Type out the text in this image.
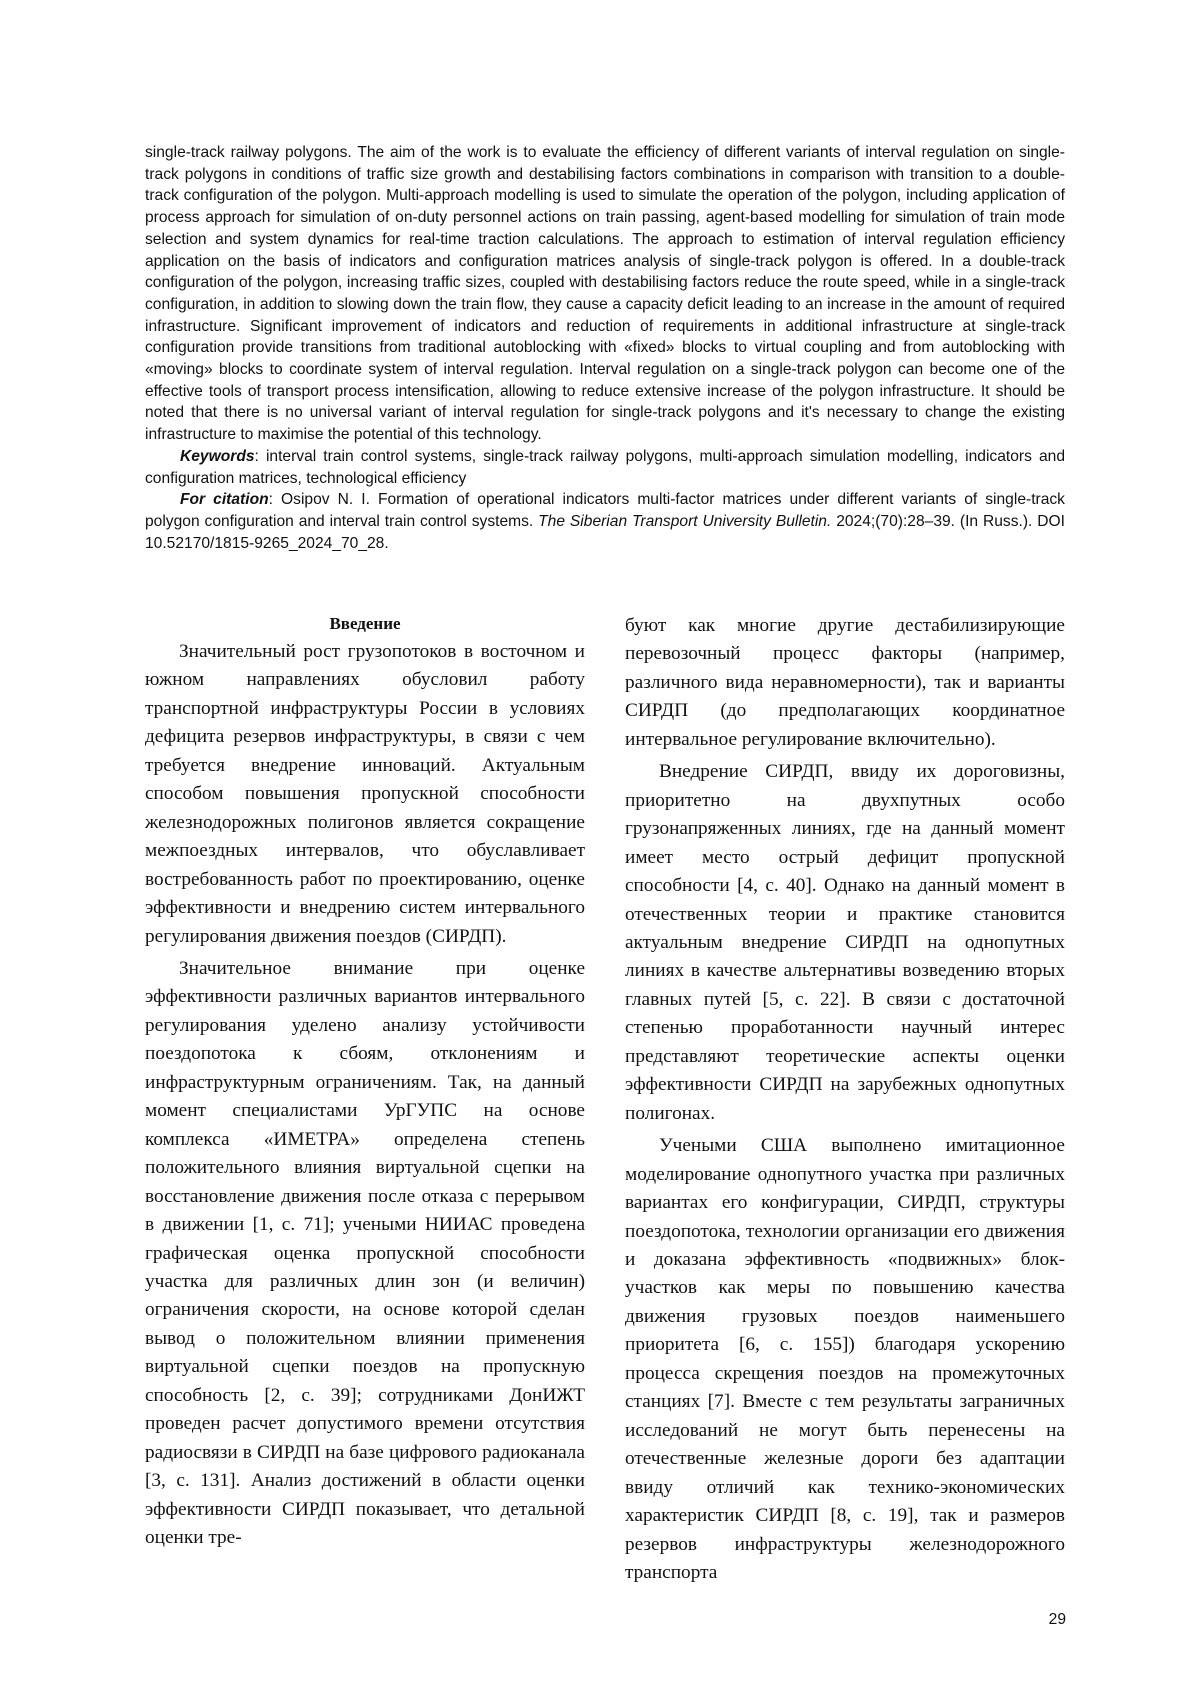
single-track railway polygons. The aim of the work is to evaluate the efficiency of different variants of interval regulation on single-track polygons in conditions of traffic size growth and destabilising factors combinations in comparison with transition to a double-track configuration of the polygon. Multi-approach modelling is used to simulate the operation of the polygon, including application of process approach for simulation of on-duty personnel actions on train passing, agent-based modelling for simulation of train mode selection and system dynamics for real-time traction calculations. The approach to estimation of interval regulation efficiency application on the basis of indicators and configuration matrices analysis of single-track polygon is offered. In a double-track configuration of the polygon, increasing traffic sizes, coupled with destabilising factors reduce the route speed, while in a single-track configuration, in addition to slowing down the train flow, they cause a capacity deficit leading to an increase in the amount of required infrastructure. Significant improvement of indicators and reduction of requirements in additional infrastructure at single-track configuration provide transitions from traditional autoblocking with «fixed» blocks to virtual coupling and from autoblocking with «moving» blocks to coordinate system of interval regulation. Interval regulation on a single-track polygon can become one of the effective tools of transport process intensification, allowing to reduce extensive increase of the polygon infrastructure. It should be noted that there is no universal variant of interval regulation for single-track polygons and it's necessary to change the existing infrastructure to maximise the potential of this technology.

Keywords: interval train control systems, single-track railway polygons, multi-approach simulation modelling, indicators and configuration matrices, technological efficiency

For citation: Osipov N. I. Formation of operational indicators multi-factor matrices under different variants of single-track polygon configuration and interval train control systems. The Siberian Transport University Bulletin. 2024;(70):28–39. (In Russ.). DOI 10.52170/1815-9265_2024_70_28.

Введение

Значительный рост грузопотоков в восточном и южном направлениях обусловил работу транспортной инфраструктуры России в условиях дефицита резервов инфраструктуры, в связи с чем требуется внедрение инноваций. Актуальным способом повышения пропускной способности железнодорожных полигонов является сокращение межпоездных интервалов, что обуславливает востребованность работ по проектированию, оценке эффективности и внедрению систем интервального регулирования движения поездов (СИРДП).

Значительное внимание при оценке эффективности различных вариантов интервального регулирования уделено анализу устойчивости поездопотока к сбоям, отклонениям и инфраструктурным ограничениям. Так, на данный момент специалистами УрГУПС на основе комплекса «ИМЕТРА» определена степень положительного влияния виртуальной сцепки на восстановление движения после отказа с перерывом в движении [1, с. 71]; учеными НИИАС проведена графическая оценка пропускной способности участка для различных длин зон (и величин) ограничения скорости, на основе которой сделан вывод о положительном влиянии применения виртуальной сцепки поездов на пропускную способность [2, с. 39]; сотрудниками ДонИЖТ проведен расчет допустимого времени отсутствия радиосвязи в СИРДП на базе цифрового радиоканала [3, с. 131]. Анализ достижений в области оценки эффективности СИРДП показывает, что детальной оценки тре-

буют как многие другие дестабилизирующие перевозочный процесс факторы (например, различного вида неравномерности), так и варианты СИРДП (до предполагающих координатное интервальное регулирование включительно).

Внедрение СИРДП, ввиду их дороговизны, приоритетно на двухпутных особо грузонапряженных линиях, где на данный момент имеет место острый дефицит пропускной способности [4, с. 40]. Однако на данный момент в отечественных теории и практике становится актуальным внедрение СИРДП на однопутных линиях в качестве альтернативы возведению вторых главных путей [5, с. 22]. В связи с достаточной степенью проработанности научный интерес представляют теоретические аспекты оценки эффективности СИРДП на зарубежных однопутных полигонах.

Учеными США выполнено имитационное моделирование однопутного участка при различных вариантах его конфигурации, СИРДП, структуры поездопотока, технологии организации его движения и доказана эффективность «подвижных» блок-участков как меры по повышению качества движения грузовых поездов наименьшего приоритета [6, с. 155]) благодаря ускорению процесса скрещения поездов на промежуточных станциях [7]. Вместе с тем результаты заграничных исследований не могут быть перенесены на отечественные железные дороги без адаптации ввиду отличий как технико-экономических характеристик СИРДП [8, с. 19], так и размеров резервов инфраструктуры железнодорожного транспорта

29
